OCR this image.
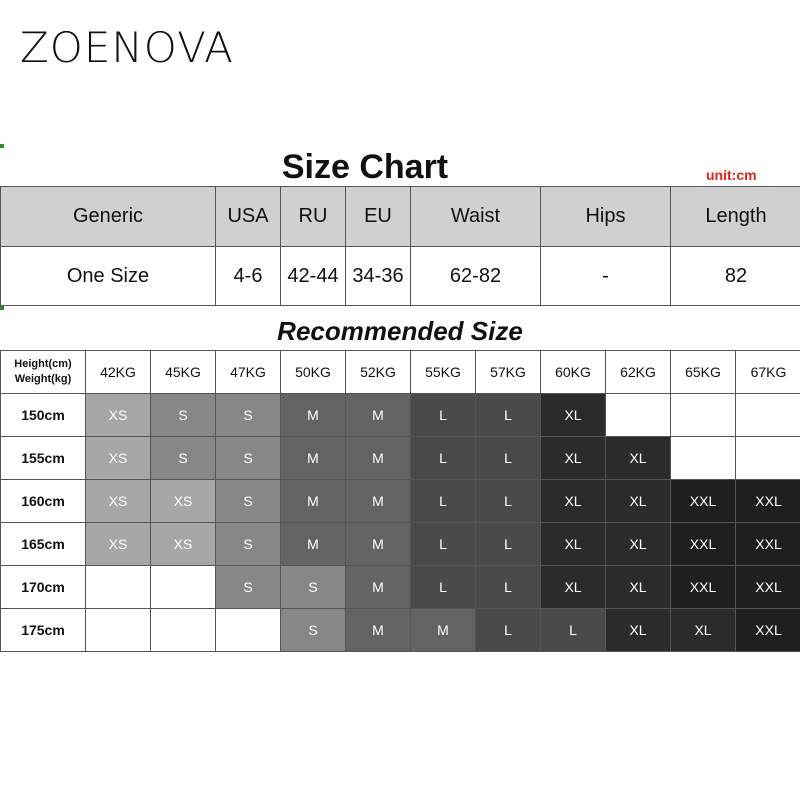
ZOENOVA
Size Chart	unit:cm
Generic	USA	RU	EU	Waist	Hips	Length
One Size	4-6	42-44	34-36	62-82	-	82
Recommended Size
Height(cm)
Weight(kg)	42KG	45KG	47KG	50KG	52KG	55KG	57KG	60KG	62KG	65KG	67KG
150cm	XS	S	S	M	M	L	L	XL			
155cm	XS	S	S	M	M	L	L	XL	XL		
160cm	XS	XS	S	M	M	L	L	XL	XL	XXL	XXL
165cm	XS	XS	S	M	M	L	L	XL	XL	XXL	XXL
170cm			S	S	M	L	L	XL	XL	XXL	XXL
175cm				S	M	M	L	L	XL	XL	XXL
